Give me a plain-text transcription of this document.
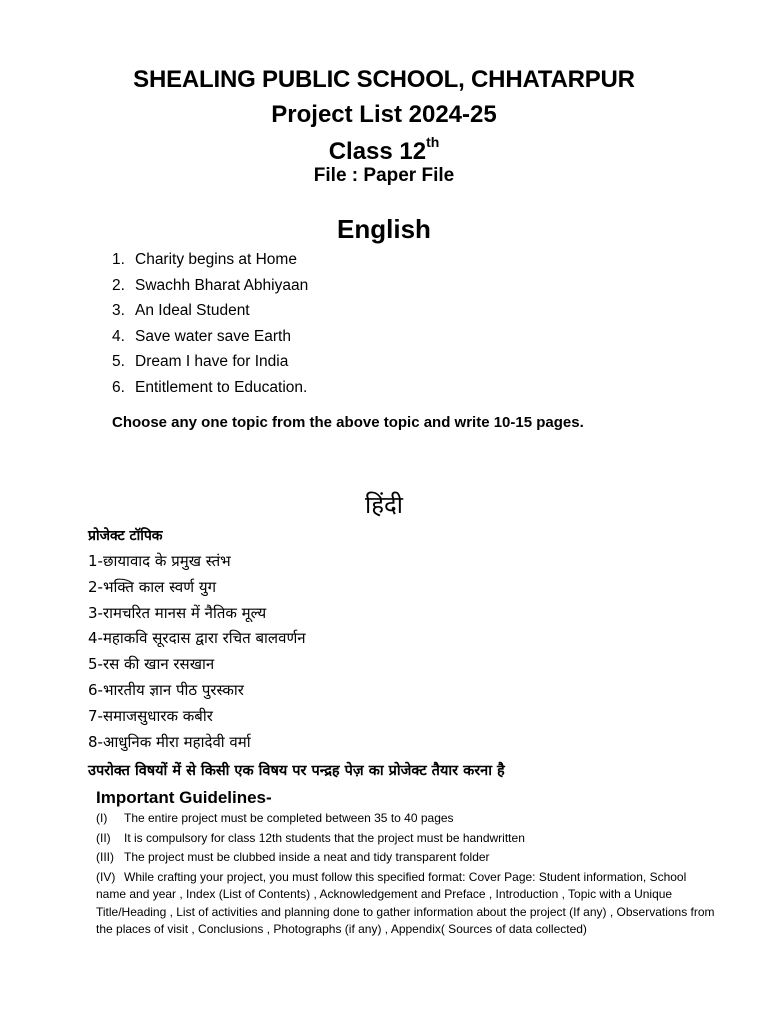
SHEALING PUBLIC SCHOOL, CHHATARPUR
Project List 2024-25
Class 12th
File : Paper File
English
1. Charity begins at Home
2. Swachh Bharat Abhiyaan
3. An Ideal Student
4. Save water save Earth
5. Dream I have for India
6. Entitlement to Education.
Choose any one topic from the above topic and write 10-15 pages.
हिंदी
प्रोजेक्ट टॉपिक
1-छायावाद के प्रमुख स्तंभ
2-भक्ति काल स्वर्ण युग
3-रामचरित मानस में नैतिक मूल्य
4-महाकवि सूरदास द्वारा रचित बालवर्णन
5-रस की खान रसखान
6-भारतीय ज्ञान पीठ पुरस्कार
7-समाजसुधारक कबीर
8-आधुनिक मीरा महादेवी वर्मा
उपरोक्त विषयों में से किसी एक विषय पर पन्द्रह पेज़ का प्रोजेक्ट तैयार करना है
Important Guidelines-
(I) The entire project must be completed between 35 to 40 pages
(II) It is compulsory for class 12th students that the project must be handwritten
(III) The project must be clubbed inside a neat and tidy transparent folder
(IV) While crafting your project, you must follow this specified format: Cover Page: Student information, School name and year , Index (List of Contents) , Acknowledgement and Preface , Introduction , Topic with a Unique Title/Heading , List of activities and planning done to gather information about the project (If any) , Observations from the places of visit , Conclusions , Photographs (if any) , Appendix( Sources of data collected)
